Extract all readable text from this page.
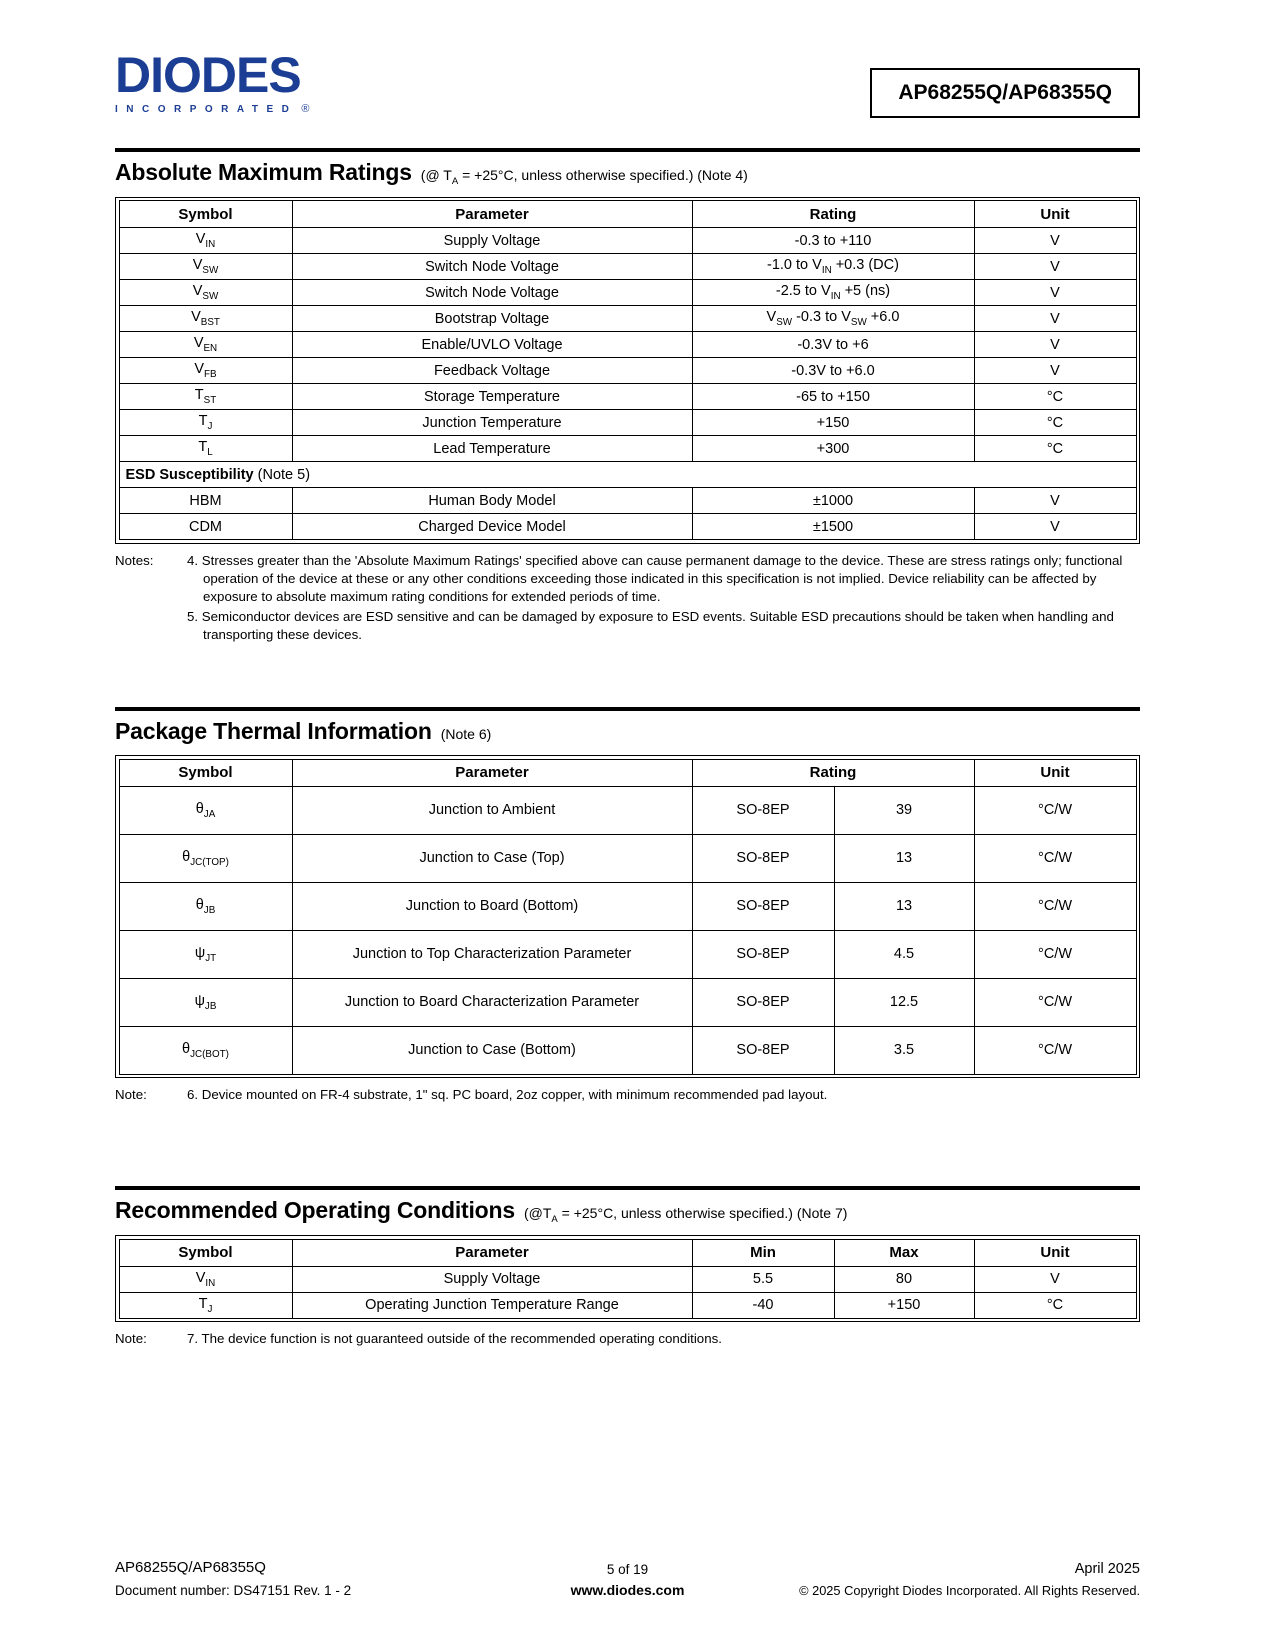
DIODES
INCORPORATED ®
AP68255Q/AP68355Q
Absolute Maximum Ratings (@ $T_A = +25^\circ C$, unless otherwise specified.) (Note 4)
Symbol	Parameter	Rating	Unit
$V_{IN}$	Supply Voltage	-0.3 to +110	V
$V_{SW}$	Switch Node Voltage	-1.0 to $V_{IN} +0.3$ (DC)	V
$V_{SW}$	Switch Node Voltage	-2.5 to $V_{IN} +5$ (ns)	V
$V_{BST}$	Bootstrap Voltage	$V_{SW}$ -0.3 to $V_{SW} +6.0$	V
$V_{EN}$	Enable/UVLO Voltage	-0.3V to +6	V
$V_{FB}$	Feedback Voltage	-0.3V to +6.0	V
$T_{ST}$	Storage Temperature	-65 to +150	°C
$T_J$	Junction Temperature	+150	°C
$T_L$	Lead Temperature	+300	°C
ESD Susceptibility (Note 5)			
HBM	Human Body Model	±1000	V
CDM	Charged Device Model	±1500	V
Notes:	4. Stresses greater than the 'Absolute Maximum Ratings' specified above can cause permanent damage to the device. These are stress ratings only; functional operation of the device at these or any other conditions exceeding those indicated in this specification is not implied. Device reliability can be affected by exposure to absolute maximum rating conditions for extended periods of time.

5. Semiconductor devices are ESD sensitive and can be damaged by exposure to ESD events. Suitable ESD precautions should be taken when handling and transporting these devices.

Package Thermal Information (Note 6)
Symbol	Parameter	Rating		Unit
$\theta_{JA}$	Junction to Ambient	SO-8EP	39	°C/W
$\theta_{JC(TOP)}$	Junction to Case (Top)	SO-8EP	13	°C/W
$\theta_{JB}$	Junction to Board (Bottom)	SO-8EP	13	°C/W
$\psi_{JT}$	Junction to Top Characterization Parameter	SO-8EP	4.5	°C/W
$\psi_{JB}$	Junction to Board Characterization Parameter	SO-8EP	12.5	°C/W
$\theta_{JC(BOT)}$	Junction to Case (Bottom)	SO-8EP	3.5	°C/W
Note:	6. Device mounted on FR-4 substrate, 1" sq. PC board, 2oz copper, with minimum recommended pad layout.

Recommended Operating Conditions ($@T_A = +25^\circ C$, unless otherwise specified.) (Note 7)
Symbol	Parameter	Min	Max	Unit
$V_{IN}$	Supply Voltage	5.5	80	V
$T_J$	Operating Junction Temperature Range	-40	+150	°C
Note:	7. The device function is not guaranteed outside of the recommended operating conditions.

AP68255Q/AP68355Q
Document number: DS47151 Rev. 1 - 2
5 of 19
www.diodes.com
April 2025
© 2025 Copyright Diodes Incorporated. All Rights Reserved.
